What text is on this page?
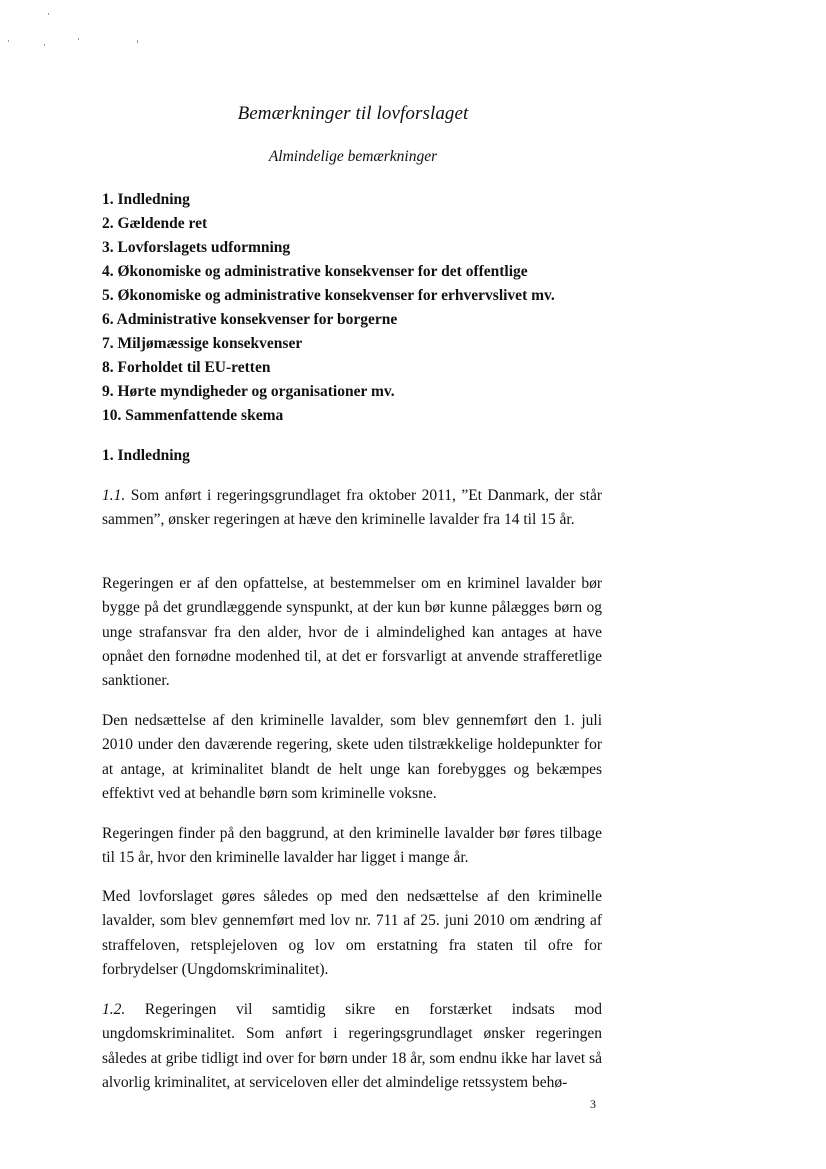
Bemærkninger til lovforslaget
Almindelige bemærkninger
1. Indledning
2. Gældende ret
3. Lovforslagets udformning
4. Økonomiske og administrative konsekvenser for det offentlige
5. Økonomiske og administrative konsekvenser for erhvervslivet mv.
6. Administrative konsekvenser for borgerne
7. Miljømæssige konsekvenser
8. Forholdet til EU-retten
9. Hørte myndigheder og organisationer mv.
10. Sammenfattende skema
1. Indledning

1.1. Som anført i regeringsgrundlaget fra oktober 2011, ”Et Danmark, der står sammen”, ønsker regeringen at hæve den kriminelle lavalder fra 14 til 15 år.

Regeringen er af den opfattelse, at bestemmelser om en kriminel lavalder bør bygge på det grundlæggende synspunkt, at der kun bør kunne pålægges børn og unge strafansvar fra den alder, hvor de i almindelighed kan antages at have opnået den fornødne modenhed til, at det er forsvarligt at anvende strafferetlige sanktioner.

Den nedsættelse af den kriminelle lavalder, som blev gennemført den 1. juli 2010 under den daværende regering, skete uden tilstrækkelige holdepunkter for at antage, at kriminalitet blandt de helt unge kan forebygges og bekæmpes effektivt ved at behandle børn som kriminelle voksne.

Regeringen finder på den baggrund, at den kriminelle lavalder bør føres tilbage til 15 år, hvor den kriminelle lavalder har ligget i mange år.

Med lovforslaget gøres således op med den nedsættelse af den kriminelle lavalder, som blev gennemført med lov nr. 711 af 25. juni 2010 om ændring af straffeloven, retsplejeloven og lov om erstatning fra staten til ofre for forbrydelser (Ungdomskriminalitet).

1.2. Regeringen vil samtidig sikre en forstærket indsats mod ungdomskriminalitet. Som anført i regeringsgrundlaget ønsker regeringen således at gribe tidligt ind over for børn under 18 år, som endnu ikke har lavet så alvorlig kriminalitet, at serviceloven eller det almindelige retssystem behø-

3
